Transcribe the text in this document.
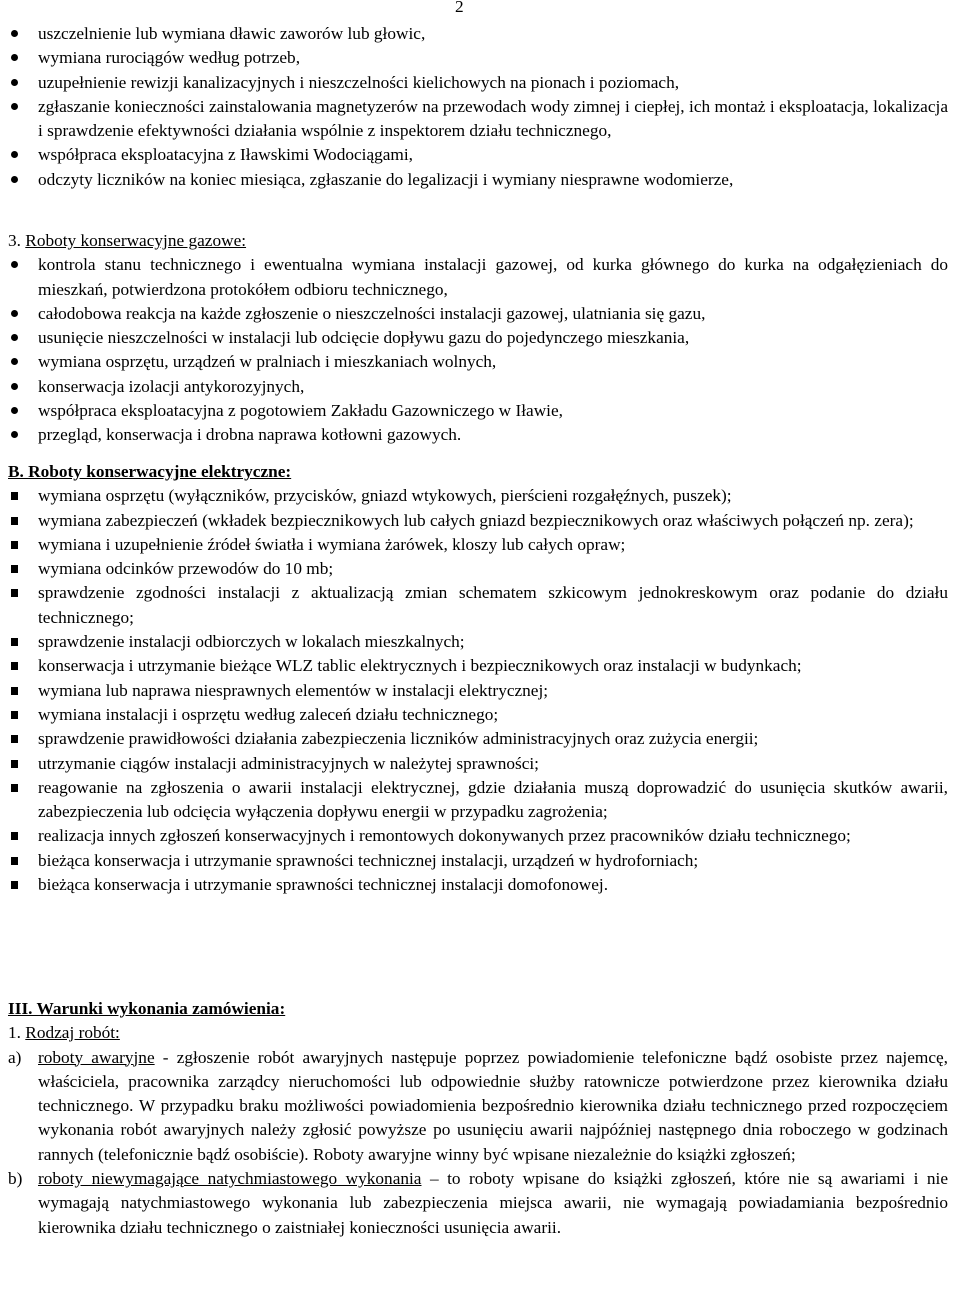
2
uszczelnienie lub wymiana dławic zaworów lub głowic,
wymiana rurociągów według potrzeb,
uzupełnienie rewizji kanalizacyjnych i nieszczelności kielichowych na pionach i poziomach,
zgłaszanie konieczności zainstalowania magnetyzerów na przewodach wody zimnej i ciepłej, ich montaż i eksploatacja, lokalizacja i sprawdzenie efektywności działania wspólnie z inspektorem działu technicznego,
współpraca eksploatacyjna z Iławskimi Wodociągami,
odczyty liczników na koniec miesiąca, zgłaszanie do legalizacji i wymiany niesprawne wodomierze,
3. Roboty konserwacyjne gazowe:
kontrola stanu technicznego i ewentualna wymiana instalacji gazowej, od kurka głównego do kurka na odgałęzieniach do mieszkań, potwierdzona protokółem odbioru technicznego,
całodobowa reakcja na każde zgłoszenie o nieszczelności instalacji gazowej, ulatniania się gazu,
usunięcie nieszczelności w instalacji lub odcięcie dopływu gazu do pojedynczego mieszkania,
wymiana osprzętu, urządzeń w pralniach i mieszkaniach wolnych,
konserwacja izolacji antykorozyjnych,
współpraca eksploatacyjna z pogotowiem Zakładu Gazowniczego w Iławie,
przegląd, konserwacja i drobna naprawa kotłowni gazowych.
B. Roboty konserwacyjne elektryczne:
wymiana osprzętu (wyłączników, przycisków, gniazd wtykowych, pierścieni rozgałęźnych, puszek);
wymiana zabezpieczeń (wkładek bezpiecznikowych lub całych gniazd bezpiecznikowych oraz właściwych połączeń np. zera);
wymiana i uzupełnienie źródeł światła i wymiana żarówek, kloszy lub całych opraw;
wymiana odcinków przewodów do 10 mb;
sprawdzenie zgodności instalacji z aktualizacją zmian schematem szkicowym jednokreskowym oraz podanie do działu technicznego;
sprawdzenie instalacji odbiorczych w lokalach mieszkalnych;
konserwacja i utrzymanie bieżące WLZ tablic elektrycznych i bezpiecznikowych oraz instalacji w budynkach;
wymiana lub naprawa niesprawnych elementów w instalacji elektrycznej;
wymiana instalacji i osprzętu według zaleceń działu technicznego;
sprawdzenie prawidłowości działania zabezpieczenia liczników administracyjnych oraz zużycia energii;
utrzymanie ciągów instalacji administracyjnych w należytej sprawności;
reagowanie na zgłoszenia o awarii instalacji elektrycznej, gdzie działania muszą doprowadzić do usunięcia skutków awarii, zabezpieczenia lub odcięcia wyłączenia dopływu energii w przypadku zagrożenia;
realizacja innych zgłoszeń konserwacyjnych i remontowych dokonywanych przez pracowników działu technicznego;
bieżąca konserwacja i utrzymanie sprawności technicznej instalacji, urządzeń w hydroforniach;
bieżąca konserwacja i utrzymanie sprawności technicznej instalacji domofonowej.
III. Warunki wykonania zamówienia:
1. Rodzaj robót:
a) roboty awaryjne - zgłoszenie robót awaryjnych następuje poprzez powiadomienie telefoniczne bądź osobiste przez najemcę, właściciela, pracownika zarządcy nieruchomości lub odpowiednie służby ratownicze potwierdzone przez kierownika działu technicznego. W przypadku braku możliwości powiadomienia bezpośrednio kierownika działu technicznego przed rozpoczęciem wykonania robót awaryjnych należy zgłosić powyższe po usunięciu awarii najpóźniej następnego dnia roboczego w godzinach rannych (telefonicznie bądź osobiście). Roboty awaryjne winny być wpisane niezależnie do książki zgłoszeń;
b) roboty niewymagające natychmiastowego wykonania – to roboty wpisane do książki zgłoszeń, które nie są awariami i nie wymagają natychmiastowego wykonania lub zabezpieczenia miejsca awarii, nie wymagają powiadamiania bezpośrednio kierownika działu technicznego o zaistniałej konieczności usunięcia awarii.
